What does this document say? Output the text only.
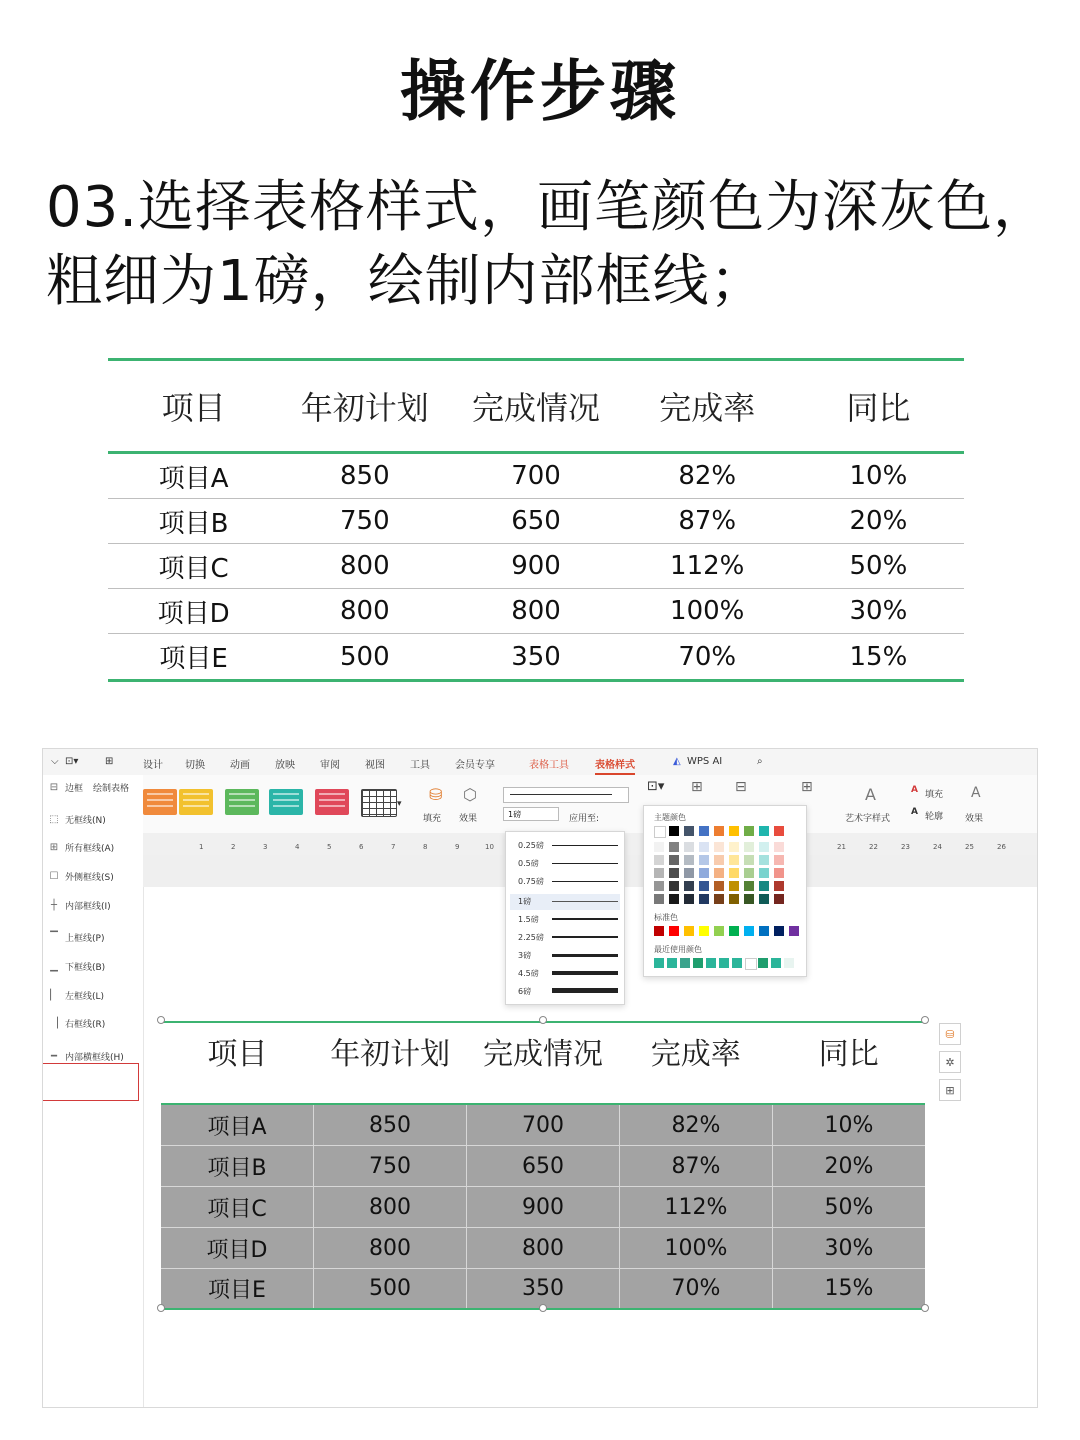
操作步骤
03.选择表格样式，画笔颜色为深灰色，
粗细为1磅，绘制内部框线；
项目	年初计划	完成情况	完成率	同比
项目A	850	700	82%	10%
项目B	750	650	87%	20%
项目C	800	900	112%	50%
项目D	800	800	100%	30%
项目E	500	350	70%	15%
⌵ ⊡▾	⊞	设计 切换	动画	放映	审阅	视图	工具	会员专享	表格工具	表格样式	◭ WPS AI	⌕
⊟ 边框 绘制表格
⬚ 无框线(N)
⊞ 所有框线(A)
☐ 外侧框线(S)
┼ 内部框线(I)
▔ 上框线(P)
▁ 下框线(B)
▏ 左框线(L)
▕ 右框线(R)
━ 内部横框线(H)
▾ ⛁
填充
⬡
效果	1磅	应用至:
⊡▾ ⊞ ⊟	⊞	A
艺术字样式
A 填充
A 轮廓
A
效果
1	2	3	4	5	6	7	8	9	10	21	22	23	24	25	26
0.25磅
0.5磅
0.75磅
1磅
1.5磅
2.25磅
3磅
4.5磅
6磅
主题颜色
标准色
最近使用颜色
项目	年初计划	完成情况	完成率	同比
项目A	850	700	82%	10%
项目B	750	650	87%	20%
项目C	800	900	112%	50%
项目D	800	800	100%	30%
项目E	500	350	70%	15%
⛁
✲
⊞
